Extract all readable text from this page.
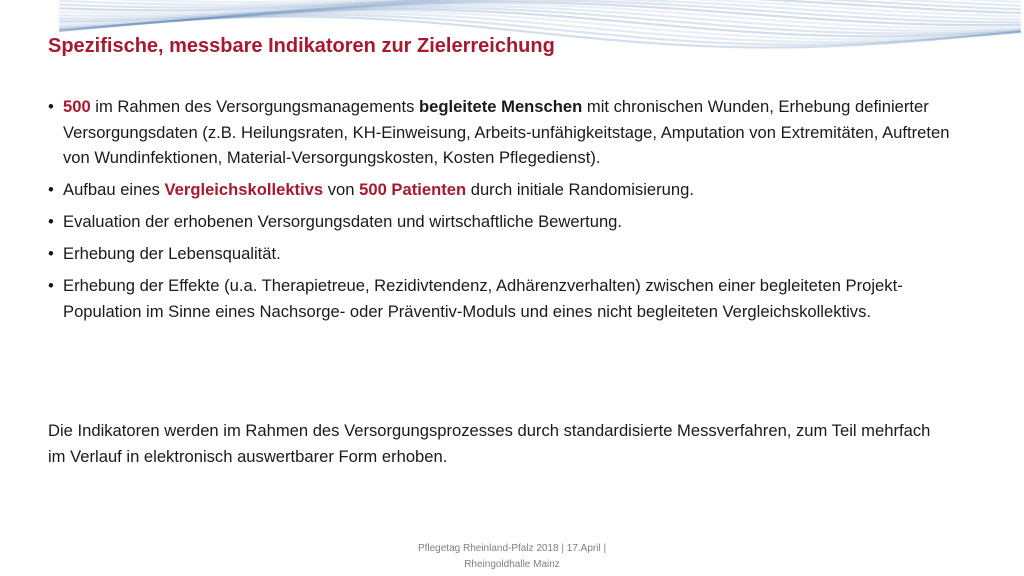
Spezifische, messbare Indikatoren zur Zielerreichung
• 500 im Rahmen des Versorgungsmanagements begleitete Menschen mit chronischen Wunden, Erhebung definierter Versorgungsdaten (z.B. Heilungsraten, KH-Einweisung, Arbeits-unfähigkeitstage, Amputation von Extremitäten, Auftreten von Wundinfektionen, Material-Versorgungskosten, Kosten Pflegedienst).
• Aufbau eines Vergleichskollektivs von 500 Patienten durch initiale Randomisierung.
• Evaluation der erhobenen Versorgungsdaten und wirtschaftliche Bewertung.
• Erhebung der Lebensqualität.
• Erhebung der Effekte (u.a. Therapietreue, Rezidivtendenz, Adhärenzverhalten) zwischen einer begleiteten Projekt-Population im Sinne eines Nachsorge- oder Präventiv-Moduls und eines nicht begleiteten Vergleichskollektivs.

Die Indikatoren werden im Rahmen des Versorgungsprozesses durch standardisierte Messverfahren, zum Teil mehrfach im Verlauf in elektronisch auswertbarer Form erhoben.

Pflegetag Rheinland-Pfalz 2018 | 17.April |
Rheingoldhalle Mainz
